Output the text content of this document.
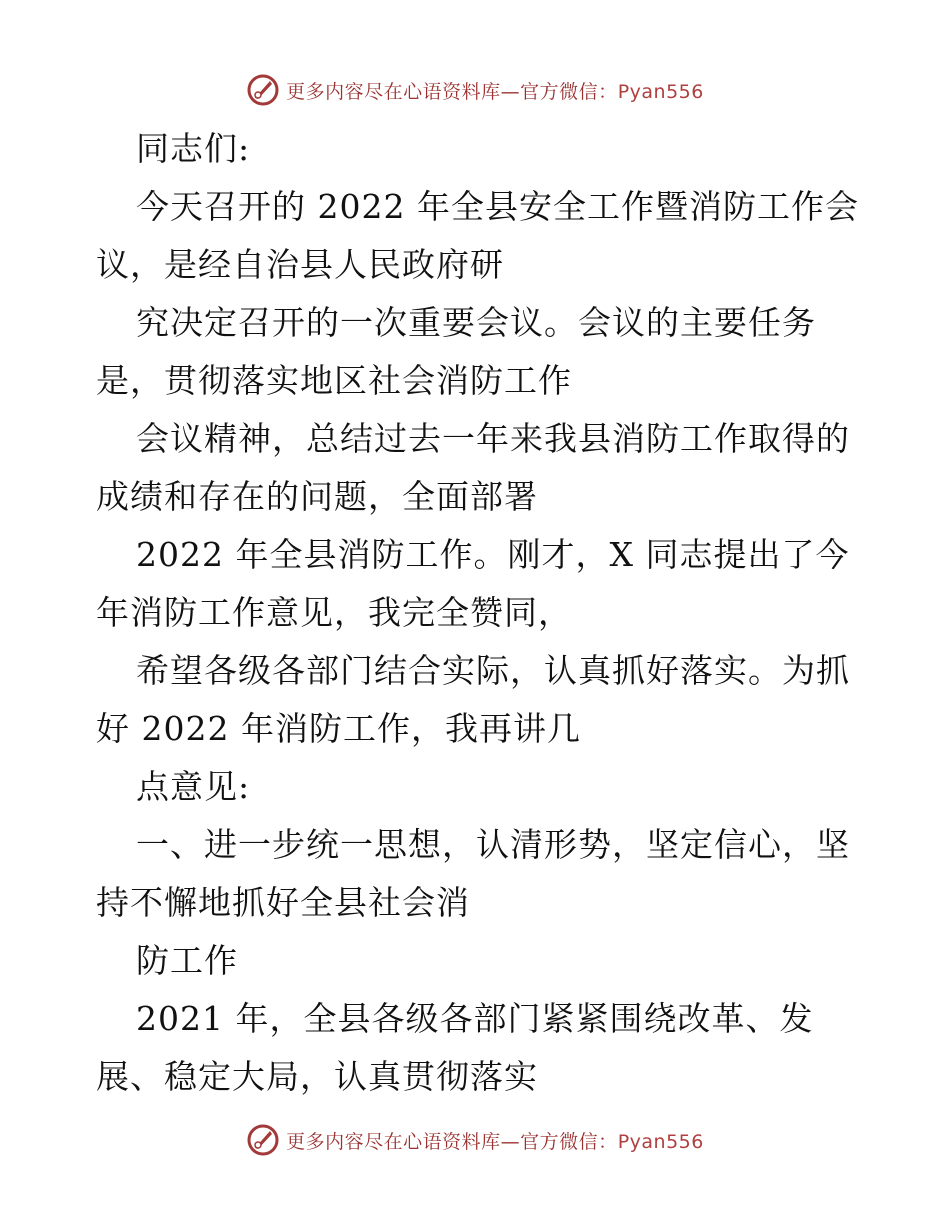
更多内容尽在心语资料库—官方微信：Pyan556
同志们:
今天召开的 2022 年全县安全工作暨消防工作会
议，是经自治县人民政府研
究决定召开的一次重要会议。会议的主要任务
是，贯彻落实地区社会消防工作
会议精神，总结过去一年来我县消防工作取得的
成绩和存在的问题，全面部署
2022 年全县消防工作。刚才，X 同志提出了今
年消防工作意见，我完全赞同，
希望各级各部门结合实际，认真抓好落实。为抓
好 2022 年消防工作，我再讲几
点意见:
一、进一步统一思想，认清形势，坚定信心，坚
持不懈地抓好全县社会消
防工作
2021 年，全县各级各部门紧紧围绕改革、发
展、稳定大局，认真贯彻落实
更多内容尽在心语资料库—官方微信：Pyan556
